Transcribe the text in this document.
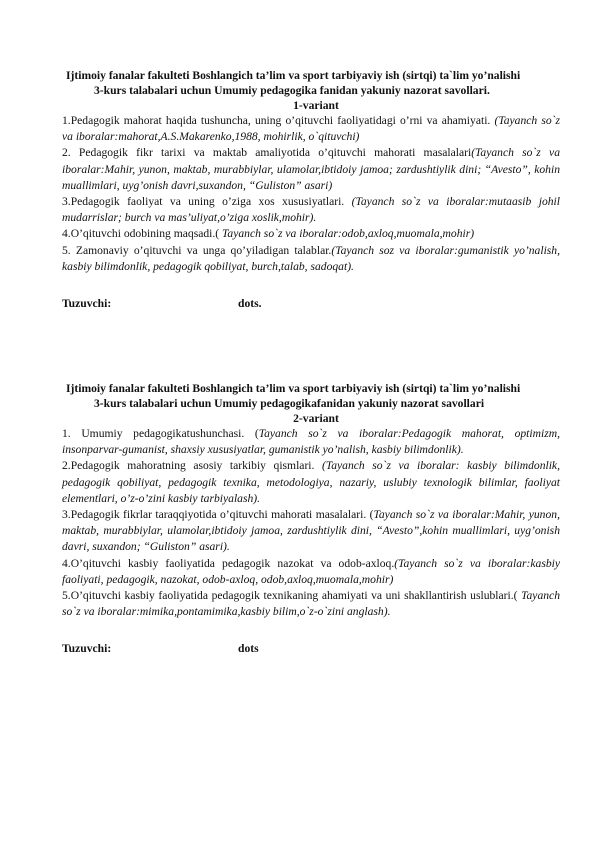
Ijtimoiy fanalar fakulteti Boshlangich ta’lim va sport tarbiyaviy ish (sirtqi) ta`lim yo’nalishi
3-kurs talabalari uchun Umumiy pedagogika fanidan yakuniy nazorat savollari.
1-variant

1.Pedagogik mahorat haqida tushuncha, uning o’qituvchi faoliyatidagi o’rni va ahamiyati. (Tayanch so`z va iboralar:mahorat,A.S.Makarenko,1988, mohirlik, o`qituvchi)

2. Pedagogik fikr tarixi va maktab amaliyotida o’qituvchi mahorati masalalari(Tayanch so`z va iboralar:Mahir, yunon, maktab, murabbiylar, ulamolar,ibtidoiy jamoa; zardushtiylik dini; “Avesto”, kohin muallimlari, uyg’onish davri,suxandon, “Guliston” asari)

3.Pedagogik faoliyat va uning o’ziga xos xususiyatlari. (Tayanch so`z va iboralar:mutaasib johil mudarrislar; burch va mas’uliyat,o’ziga xoslik,mohir).

4.O’qituvchi odobining maqsadi.( Tayanch so`z va iboralar:odob,axloq,muomala,mohir)

5. Zamonaviy o’qituvchi va unga qo’yiladigan talablar.(Tayanch soz va iboralar:gumanistik yo’nalish, kasbiy bilimdonlik, pedagogik qobiliyat, burch,talab, sadoqat).

Tuzuvchi:	dots.
Ijtimoiy fanalar fakulteti Boshlangich ta’lim va sport tarbiyaviy ish (sirtqi) ta`lim yo’nalishi
3-kurs talabalari uchun Umumiy pedagogikafanidan yakuniy nazorat savollari
2-variant

1. Umumiy pedagogikatushunchasi. (Tayanch so`z va iboralar:Pedagogik mahorat, optimizm, insonparvar-gumanist, shaxsiy xususiyatlar, gumanistik yo’nalish, kasbiy bilimdonlik).

2.Pedagogik mahoratning asosiy tarkibiy qismlari. (Tayanch so`z va iboralar: kasbiy bilimdonlik, pedagogik qobiliyat, pedagogik texnika, metodologiya, nazariy, uslubiy texnologik bilimlar, faoliyat elementlari, o’z-o’zini kasbiy tarbiyalash).

3.Pedagogik fikrlar taraqqiyotida o’qituvchi mahorati masalalari. (Tayanch so`z va iboralar:Mahir, yunon, maktab, murabbiylar, ulamolar,ibtidoiy jamoa, zardushtiylik dini, “Avesto”,kohin muallimlari, uyg’onish davri, suxandon; “Guliston” asari).

4.O’qituvchi kasbiy faoliyatida pedagogik nazokat va odob-axloq.(Tayanch so`z va iboralar:kasbiy faoliyati, pedagogik, nazokat, odob-axloq, odob,axloq,muomala,mohir)

5.O’qituvchi kasbiy faoliyatida pedagogik texnikaning ahamiyati va uni shakllantirish uslublari.( Tayanch so`z va iboralar:mimika,pontamimika,kasbiy bilim,o`z-o`zini anglash).

Tuzuvchi:	dots
